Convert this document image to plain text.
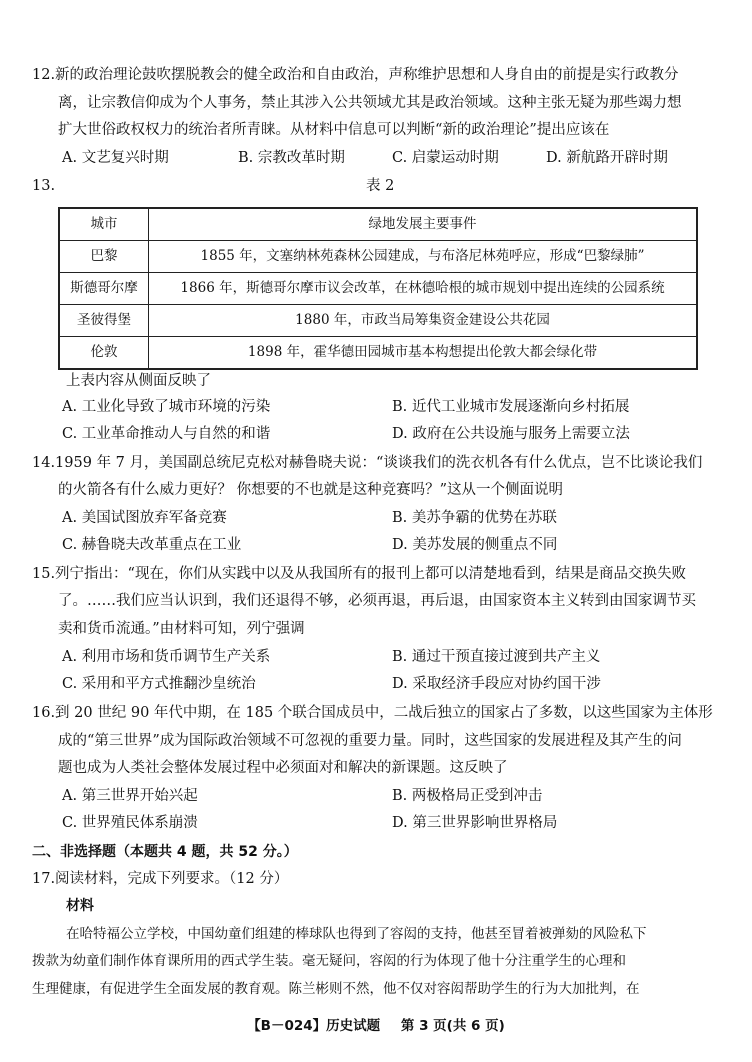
12.新的政治理论鼓吹摆脱教会的健全政治和自由政治，声称维护思想和人身自由的前提是实行政教分
离，让宗教信仰成为个人事务，禁止其涉入公共领域尤其是政治领域。这种主张无疑为那些竭力想
扩大世俗政权权力的统治者所青睐。从材料中信息可以判断“新的政治理论”提出应该在
A. 文艺复兴时期	B. 宗教改革时期	C. 启蒙运动时期	D. 新航路开辟时期
13.	表 2
城市	绿地发展主要事件
巴黎	1855 年，文塞纳林苑森林公园建成，与布洛尼林苑呼应，形成“巴黎绿肺”
斯德哥尔摩	1866 年，斯德哥尔摩市议会改革，在林德哈根的城市规划中提出连续的公园系统
圣彼得堡	1880 年，市政当局筹集资金建设公共花园
伦敦	1898 年，霍华德田园城市基本构想提出伦敦大都会绿化带
上表内容从侧面反映了
A. 工业化导致了城市环境的污染	B. 近代工业城市发展逐渐向乡村拓展
C. 工业革命推动人与自然的和谐	D. 政府在公共设施与服务上需要立法
14.1959 年 7 月，美国副总统尼克松对赫鲁晓夫说：“谈谈我们的洗衣机各有什么优点，岂不比谈论我们
的火箭各有什么威力更好？ 你想要的不也就是这种竞赛吗？”这从一个侧面说明
A. 美国试图放弃军备竞赛	B. 美苏争霸的优势在苏联
C. 赫鲁晓夫改革重点在工业	D. 美苏发展的侧重点不同
15.列宁指出：“现在，你们从实践中以及从我国所有的报刊上都可以清楚地看到，结果是商品交换失败
了。……我们应当认识到，我们还退得不够，必须再退，再后退，由国家资本主义转到由国家调节买
卖和货币流通。”由材料可知，列宁强调
A. 利用市场和货币调节生产关系	B. 通过干预直接过渡到共产主义
C. 采用和平方式推翻沙皇统治	D. 采取经济手段应对协约国干涉
16.到 20 世纪 90 年代中期，在 185 个联合国成员中，二战后独立的国家占了多数，以这些国家为主体形
成的“第三世界”成为国际政治领域不可忽视的重要力量。同时，这些国家的发展进程及其产生的问
题也成为人类社会整体发展过程中必须面对和解决的新课题。这反映了
A. 第三世界开始兴起	B. 两极格局正受到冲击
C. 世界殖民体系崩溃	D. 第三世界影响世界格局
二、非选择题（本题共 4 题，共 52 分。）
17.阅读材料，完成下列要求。（12 分）
材料
在哈特福公立学校，中国幼童们组建的棒球队也得到了容闳的支持，他甚至冒着被弹劾的风险私下
拨款为幼童们制作体育课所用的西式学生装。毫无疑问，容闳的行为体现了他十分注重学生的心理和
生理健康，有促进学生全面发展的教育观。陈兰彬则不然，他不仅对容闳帮助学生的行为大加批判，在
【B－024】历史试题 第 3 页(共 6 页)
